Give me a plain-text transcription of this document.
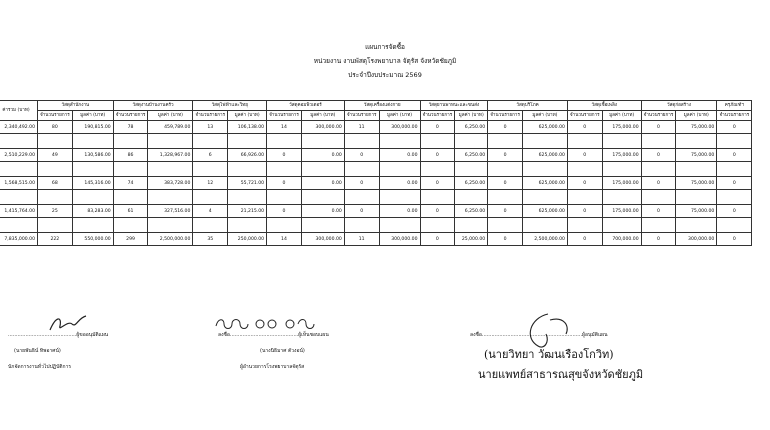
แผนการจัดซื้อ
หน่วยงาน งานพัสดุโรงพยาบาล จัตุรัส จังหวัดชัยภูมิ
ประจำปีงบประมาณ 2569
ค่ารวม (บาท)	วัสดุสำนักงาน		วัสดุงานบ้านงานครัว		วัสดุไฟฟ้าและวิทยุ		วัสดุคอมพิวเตอร์		วัสดุเครื่องแต่งกาย		วัสดุยานพาหนะและขนส่ง		วัสดุบริโภค		วัสดุเชื้อเพลิง		วัสดุก่อสร้าง		ครุภัณฑ์ฯ
	จำนวนรายการ	มูลค่า (บาท)	จำนวนรายการ	มูลค่า (บาท)	จำนวนรายการ	มูลค่า (บาท)	จำนวนรายการ	มูลค่า (บาท)	จำนวนรายการ	มูลค่า (บาท)	จำนวนรายการ	มูลค่า (บาท)	จำนวนรายการ	มูลค่า (บาท)	จำนวนรายการ	มูลค่า (บาท)	จำนวนรายการ	มูลค่า (บาท)	จำนวนรายการ
2,340,492.00	80	190,815.00	78	459,789.00	13	106,138.00	14	300,000.00	11	300,000.00	0	6,250.00	0	625,000.00	0	175,000.00	0	75,000.00	0

2,510,229.00	49	130,586.00	86	1,328,967.00	6	66,926.00	0	0.00	0	0.00	0	6,250.00	0	625,000.00	0	175,000.00	0	75,000.00	0

1,568,515.00	68	145,316.00	74	383,728.00	12	55,721.00	0	0.00	0	0.00	0	6,250.00	0	625,000.00	0	175,000.00	0	75,000.00	0

1,415,764.00	25	83,283.00	61	327,516.00	4	21,215.00	0	0.00	0	0.00	0	6,250.00	0	625,000.00	0	175,000.00	0	75,000.00	0

7,835,000.00	222	550,000.00	299	2,500,000.00	35	250,000.00	14	300,000.00	11	300,000.00	0	25,000.00	0	2,500,000.00	0	700,000.00	0	300,000.00	0
...........................................ผู้ขออนุมัติแผน
(นายพันธิน์ ทิพอาศน์)
นักจัดการงานทั่วไปปฏิบัติการ
ลงชื่อ...........................................ผู้เห็นชอบแผน
(นางนิธิมาศ ตัวงอน์)
ผู้อำนวยการโรงพยาบาลจัตุรัส
ลงชื่อ...............................................................ผู้อนุมัติแผน
(นายวิทยา วัฒนเรืองโกวิท)
นายแพทย์สาธารณสุขจังหวัดชัยภูมิ
